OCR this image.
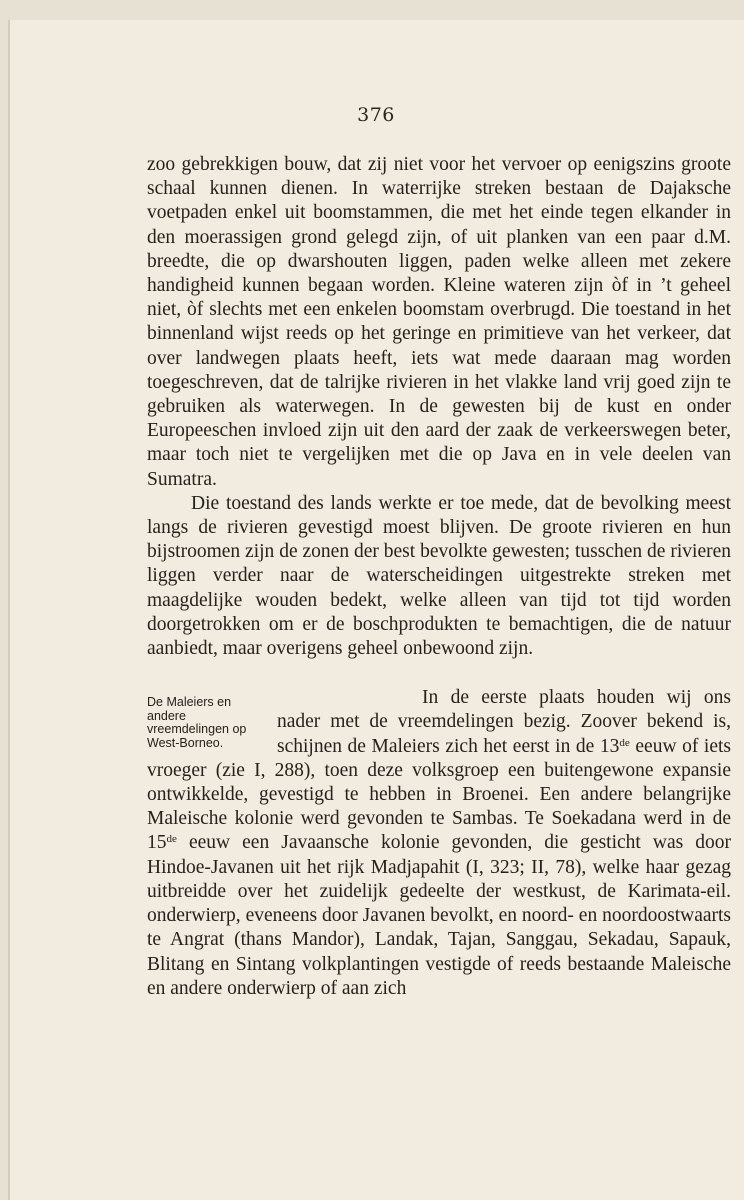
376

zoo gebrekkigen bouw, dat zij niet voor het vervoer op eenigszins groote schaal kunnen dienen. In waterrijke streken bestaan de Dajaksche voetpaden enkel uit boomstammen, die met het einde tegen elkander in den moerassigen grond gelegd zijn, of uit planken van een paar d.M. breedte, die op dwarshouten liggen, paden welke alleen met zekere handigheid kunnen begaan worden. Kleine wateren zijn òf in ’t geheel niet, òf slechts met een enkelen boomstam overbrugd. Die toestand in het binnenland wijst reeds op het geringe en primitieve van het verkeer, dat over landwegen plaats heeft, iets wat mede daaraan mag worden toegeschreven, dat de talrijke rivieren in het vlakke land vrij goed zijn te gebruiken als waterwegen. In de gewesten bij de kust en onder Europeeschen invloed zijn uit den aard der zaak de verkeerswegen beter, maar toch niet te vergelijken met die op Java en in vele deelen van Sumatra.

Die toestand des lands werkte er toe mede, dat de bevolking meest langs de rivieren gevestigd moest blijven. De groote rivieren en hun bijstroomen zijn de zonen der best bevolkte gewesten; tusschen de rivieren liggen verder naar de waterscheidingen uitgestrekte streken met maagdelijke wouden bedekt, welke alleen van tijd tot tijd worden doorgetrokken om er de boschprodukten te bemachtigen, die de natuur aanbiedt, maar overigens geheel onbewoond zijn.

De Maleiers en andere vreemdelingen op West-Borneo.

In de eerste plaats houden wij ons nader met de vreemdelingen bezig. Zoover bekend is, schijnen de Maleiers zich het eerst in de 13de eeuw of iets vroeger (zie I, 288), toen deze volksgroep een buitengewone expansie ontwikkelde, gevestigd te hebben in Broenei. Een andere belangrijke Maleische kolonie werd gevonden te Sambas. Te Soekadana werd in de 15de eeuw een Javaansche kolonie gevonden, die gesticht was door Hindoe-Javanen uit het rijk Madjapahit (I, 323; II, 78), welke haar gezag uitbreidde over het zuidelijk gedeelte der westkust, de Karimata-eil. onderwierp, eveneens door Javanen bevolkt, en noord- en noordoostwaarts te Angrat (thans Mandor), Landak, Tajan, Sanggau, Sekadau, Sapauk, Blitang en Sintang volkplantingen vestigde of reeds bestaande Maleische en andere onderwierp of aan zich
